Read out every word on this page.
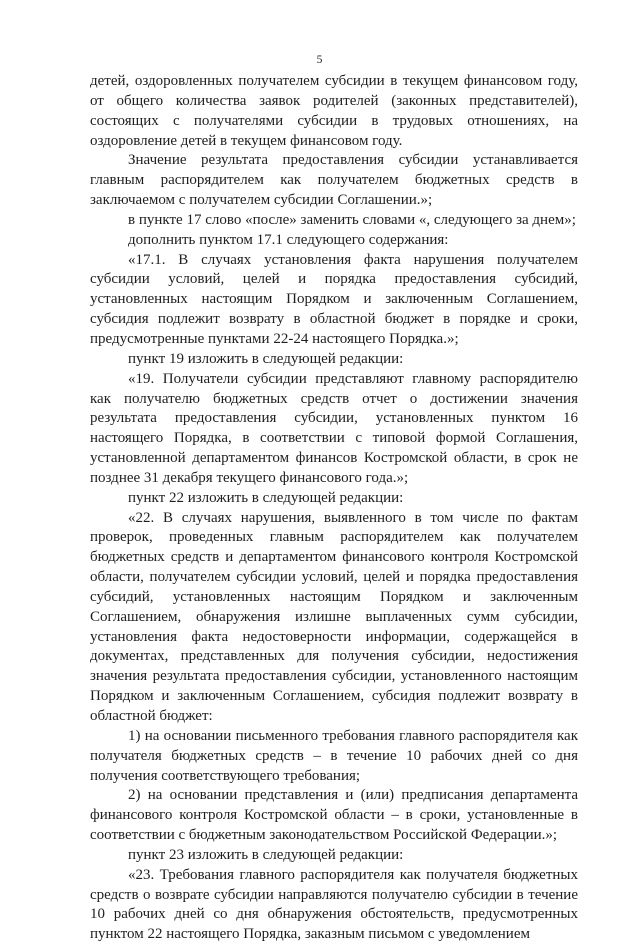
5

детей, оздоровленных получателем субсидии в текущем финансовом году, от общего количества заявок родителей (законных представителей), состоящих с получателями субсидии в трудовых отношениях, на оздоровление детей в текущем финансовом году.

Значение результата предоставления субсидии устанавливается главным распорядителем как получателем бюджетных средств в заключаемом с получателем субсидии Соглашении.»;

в пункте 17 слово «после» заменить словами «, следующего за днем»;

дополнить пунктом 17.1 следующего содержания:

«17.1. В случаях установления факта нарушения получателем субсидии условий, целей и порядка предоставления субсидий, установленных настоящим Порядком и заключенным Соглашением, субсидия подлежит возврату в областной бюджет в порядке и сроки, предусмотренные пунктами 22-24 настоящего Порядка.»;

пункт 19 изложить в следующей редакции:

«19. Получатели субсидии представляют главному распорядителю как получателю бюджетных средств отчет о достижении значения результата предоставления субсидии, установленных пунктом 16 настоящего Порядка, в соответствии с типовой формой Соглашения, установленной департаментом финансов Костромской области, в срок не позднее 31 декабря текущего финансового года.»;

пункт 22 изложить в следующей редакции:

«22. В случаях нарушения, выявленного в том числе по фактам проверок, проведенных главным распорядителем как получателем бюджетных средств и департаментом финансового контроля Костромской области, получателем субсидии условий, целей и порядка предоставления субсидий, установленных настоящим Порядком и заключенным Соглашением, обнаружения излишне выплаченных сумм субсидии, установления факта недостоверности информации, содержащейся в документах, представленных для получения субсидии, недостижения значения результата предоставления субсидии, установленного настоящим Порядком и заключенным Соглашением, субсидия подлежит возврату в областной бюджет:

1) на основании письменного требования главного распорядителя как получателя бюджетных средств – в течение 10 рабочих дней со дня получения соответствующего требования;

2) на основании представления и (или) предписания департамента финансового контроля Костромской области – в сроки, установленные в соответствии с бюджетным законодательством Российской Федерации.»;

пункт 23 изложить в следующей редакции:

«23. Требования главного распорядителя как получателя бюджетных средств о возврате субсидии направляются получателю субсидии в течение 10 рабочих дней со дня обнаружения обстоятельств, предусмотренных пунктом 22 настоящего Порядка, заказным письмом с уведомлением
